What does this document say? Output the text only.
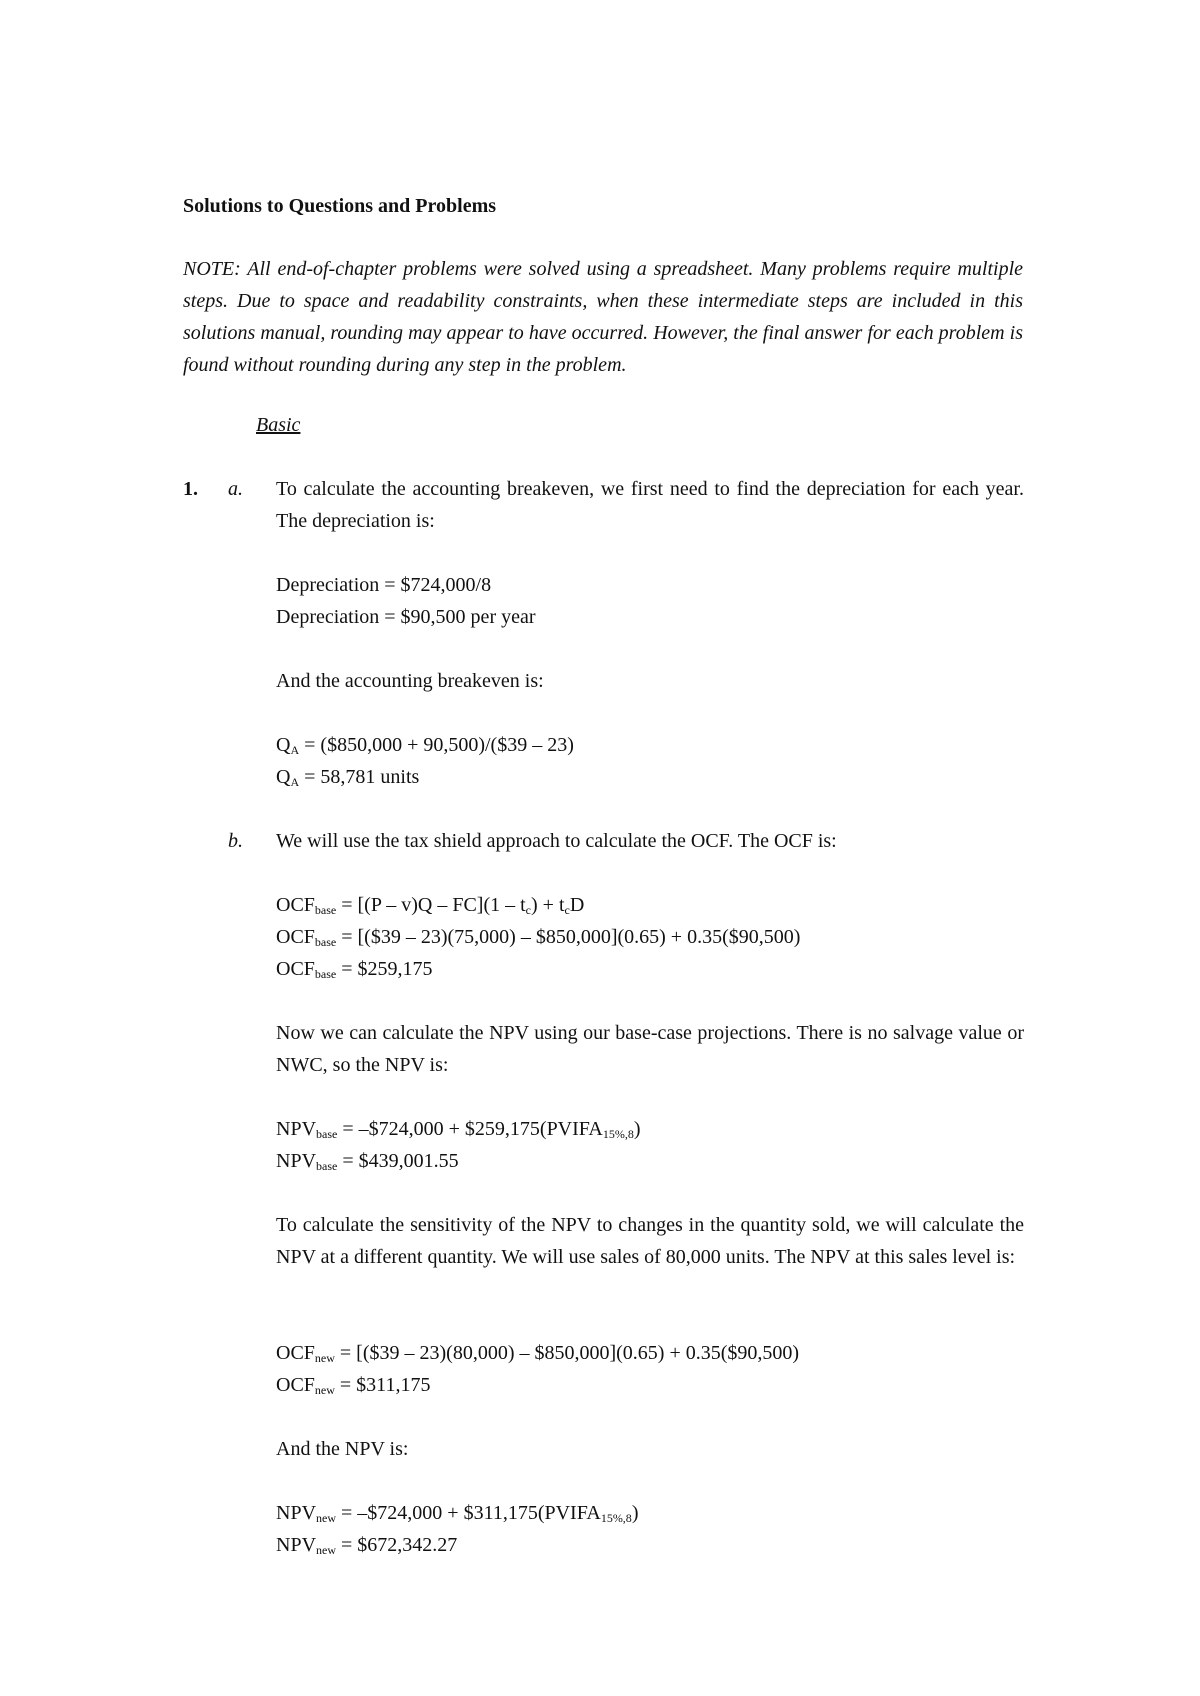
Solutions to Questions and Problems
NOTE: All end-of-chapter problems were solved using a spreadsheet. Many problems require multiple steps. Due to space and readability constraints, when these intermediate steps are included in this solutions manual, rounding may appear to have occurred. However, the final answer for each problem is found without rounding during any step in the problem.
Basic
1. a. To calculate the accounting breakeven, we first need to find the depreciation for each year. The depreciation is:
Depreciation = $724,000/8
Depreciation = $90,500 per year
And the accounting breakeven is:
$Q_A$ = ($850,000 + 90,500)/($39 – 23)
$Q_A = 58,781$ units
b. We will use the tax shield approach to calculate the OCF. The OCF is:
$OCF_{base} = [(P - v)Q - FC](1 - tc)$ + tcD
$OCF_{base}$ = [($39 – 23)(75,000) – $850,000](0.65) + 0.35($90,500)
$OCF_{base}$ = $259,175
Now we can calculate the NPV using our base-case projections. There is no salvage value or NWC, so the NPV is:
$NPV_{base}$ = –$724,000 + $\$259,175(PVIFA_{15\%,8})$
$NPV_{base}$ = $439,001.55
To calculate the sensitivity of the NPV to changes in the quantity sold, we will calculate the NPV at a different quantity. We will use sales of 80,000 units. The NPV at this sales level is:
$OCF_{new}$ = [($39 – 23)(80,000) – $850,000](0.65) + 0.35($90,500)
$OCF_{new}$ = $311,175
And the NPV is:
$NPV_{new}$ = –$724,000 + $\$311,175(PVIFA_{15\%,8})$
$NPV_{new}$ = $672,342.27
